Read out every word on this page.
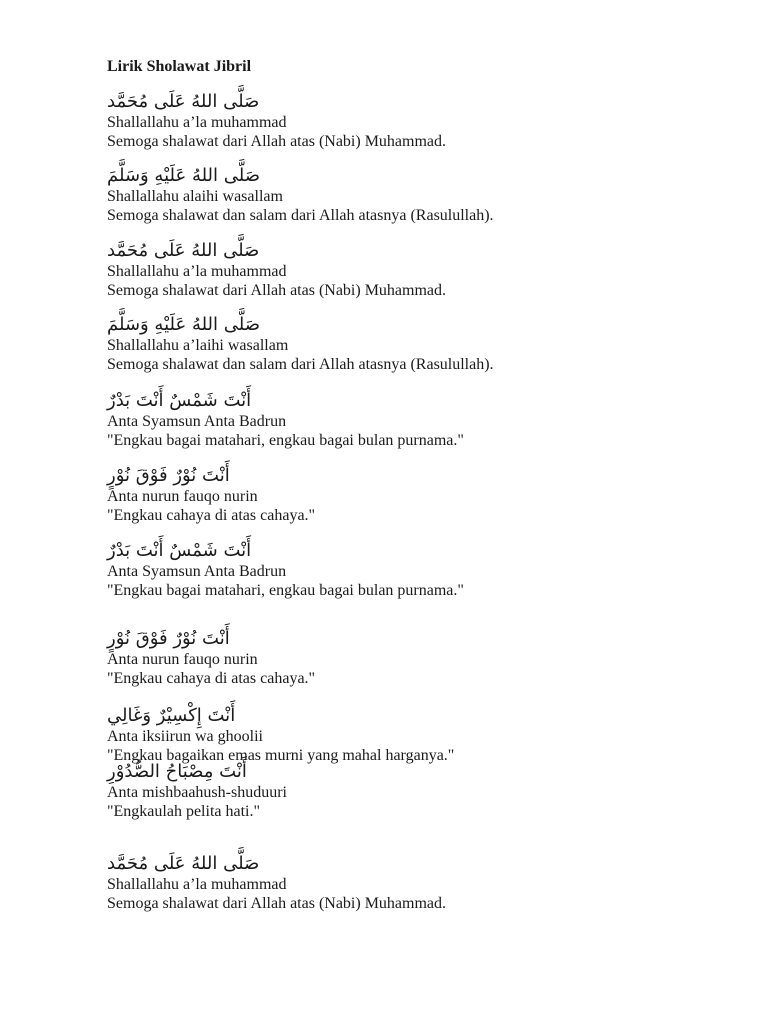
Lirik Sholawat Jibril
صَلَّى اللهُ عَلَى مُحَمَّد
Shallallahu a’la muhammad
Semoga shalawat dari Allah atas (Nabi) Muhammad.
صَلَّى اللهُ عَلَيْهِ وَسَلَّمَ
Shallallahu alaihi wasallam
Semoga shalawat dan salam dari Allah atasnya (Rasulullah).
صَلَّى اللهُ عَلَى مُحَمَّد
Shallallahu a’la muhammad
Semoga shalawat dari Allah atas (Nabi) Muhammad.
صَلَّى اللهُ عَلَيْهِ وَسَلَّمَ
Shallallahu a’laihi wasallam
Semoga shalawat dan salam dari Allah atasnya (Rasulullah).
أَنْتَ شَمْسٌ أَنْتَ بَدْرٌ
Anta Syamsun Anta Badrun
"Engkau bagai matahari, engkau bagai bulan purnama."
أَنْتَ نُوْرٌ فَوْقَ نُوْرٍ
Anta nurun fauqo nurin
"Engkau cahaya di atas cahaya."
أَنْتَ شَمْسٌ أَنْتَ بَدْرٌ
Anta Syamsun Anta Badrun
"Engkau bagai matahari, engkau bagai bulan purnama."
أَنْتَ نُوْرٌ فَوْقَ نُوْرٍ
Anta nurun fauqo nurin
"Engkau cahaya di atas cahaya."
أَنْتَ إِكْسِيْرٌ وَغَالِي
Anta iksiirun wa ghoolii
"Engkau bagaikan emas murni yang mahal harganya."
أَنْتَ مِصْبَاحُ الصُّدُوْرِ
Anta mishbaahush-shuduuri
"Engkaulah pelita hati."
صَلَّى اللهُ عَلَى مُحَمَّد
Shallallahu a’la muhammad
Semoga shalawat dari Allah atas (Nabi) Muhammad.
